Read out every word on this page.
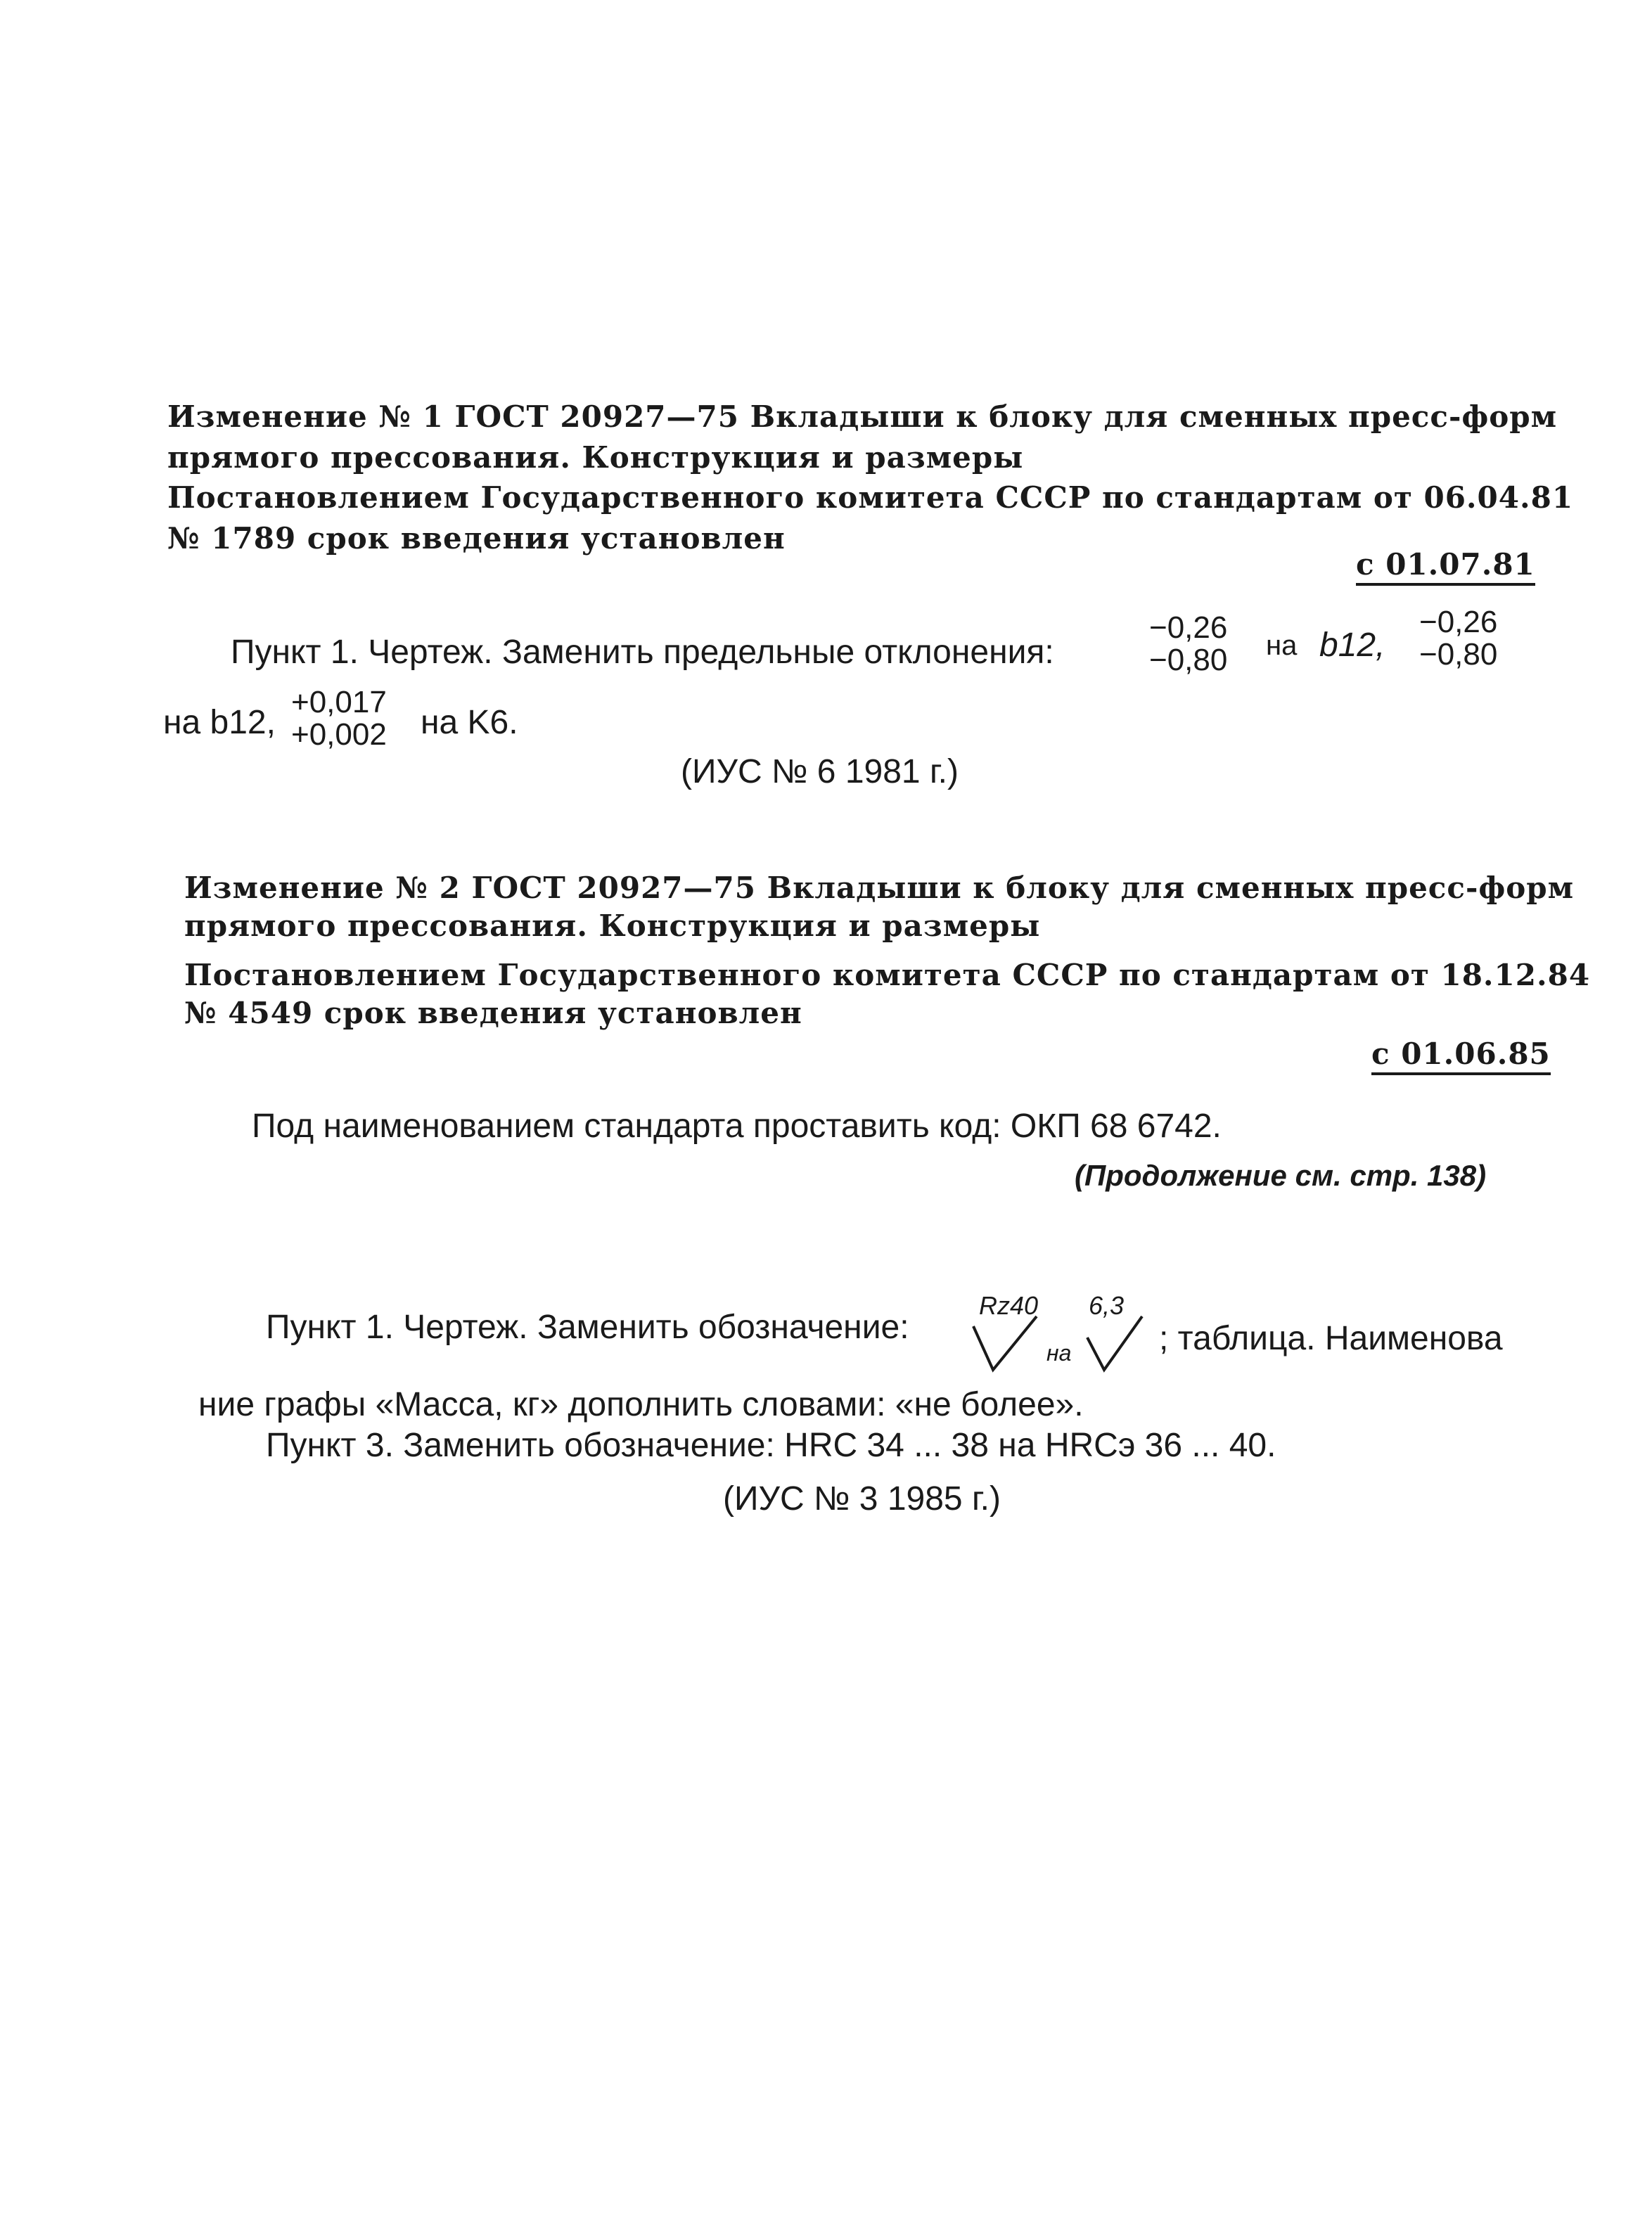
Изменение № 1 ГОСТ 20927—75 Вкладыши к блоку для сменных пресс-форм
прямого прессования. Конструкция и размеры
Постановлением Государственного комитета СССР по стандартам от 06.04.81
№ 1789 срок введения установлен
с 01.07.81
Пункт 1. Чертеж. Заменить предельные отклонения:
−0,26
−0,80 на b12,
−0,26
−0,80
на b12,
+0,017
+0,002 на K6.
(ИУС № 6 1981 г.)
Изменение № 2 ГОСТ 20927—75 Вкладыши к блоку для сменных пресс-форм
прямого прессования. Конструкция и размеры
Постановлением Государственного комитета СССР по стандартам от 18.12.84
№ 4549 срок введения установлен
с 01.06.85
Под наименованием стандарта проставить код: ОКП 68 6742.
(Продолжение см. стр. 138)
Пункт 1. Чертеж. Заменить обозначение:
Rz40
на
6,3
; таблица. Наименова
ние графы «Масса, кг» дополнить словами: «не более».
Пункт 3. Заменить обозначение: HRC 34 ... 38 на HRCэ 36 ... 40.
(ИУС № 3 1985 г.)
